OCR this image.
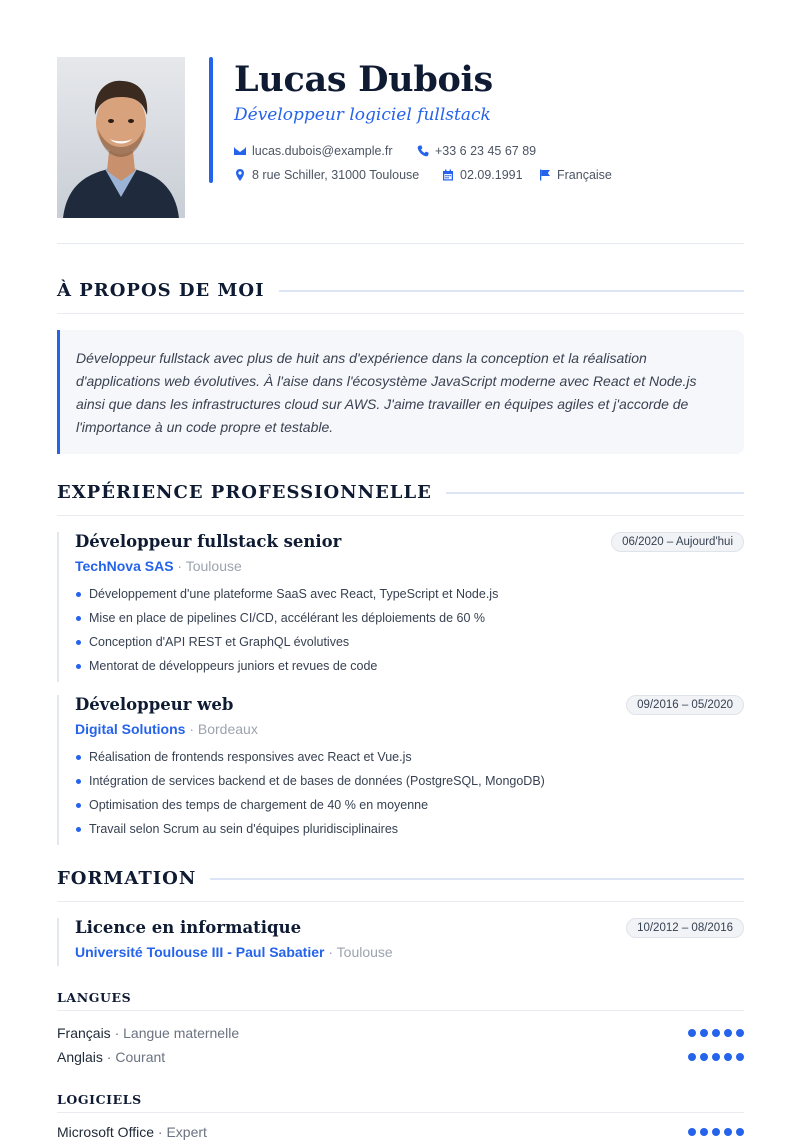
Lucas Dubois
Développeur logiciel fullstack
lucas.dubois@example.fr	+33 6 23 45 67 89
8 rue Schiller, 31000 Toulouse	02.09.1991	Française
À PROPOS DE MOI

Développeur fullstack avec plus de huit ans d'expérience dans la conception et la réalisation d'applications web évolutives. À l'aise dans l'écosystème JavaScript moderne avec React et Node.js ainsi que dans les infrastructures cloud sur AWS. J'aime travailler en équipes agiles et j'accorde de l'importance à un code propre et testable.

EXPÉRIENCE PROFESSIONNELLE
Développeur fullstack senior	06/2020 – Aujourd'hui
TechNova SAS · Toulouse
Développement d'une plateforme SaaS avec React, TypeScript et Node.js
Mise en place de pipelines CI/CD, accélérant les déploiements de 60 %
Conception d'API REST et GraphQL évolutives
Mentorat de développeurs juniors et revues de code
Développeur web	09/2016 – 05/2020
Digital Solutions · Bordeaux
Réalisation de frontends responsives avec React et Vue.js
Intégration de services backend et de bases de données (PostgreSQL, MongoDB)
Optimisation des temps de chargement de 40 % en moyenne
Travail selon Scrum au sein d'équipes pluridisciplinaires
FORMATION
Licence en informatique	10/2012 – 08/2016
Université Toulouse III - Paul Sabatier · Toulouse
LANGUES
Français · Langue maternelle
Anglais · Courant
LOGICIELS
Microsoft Office · Expert
